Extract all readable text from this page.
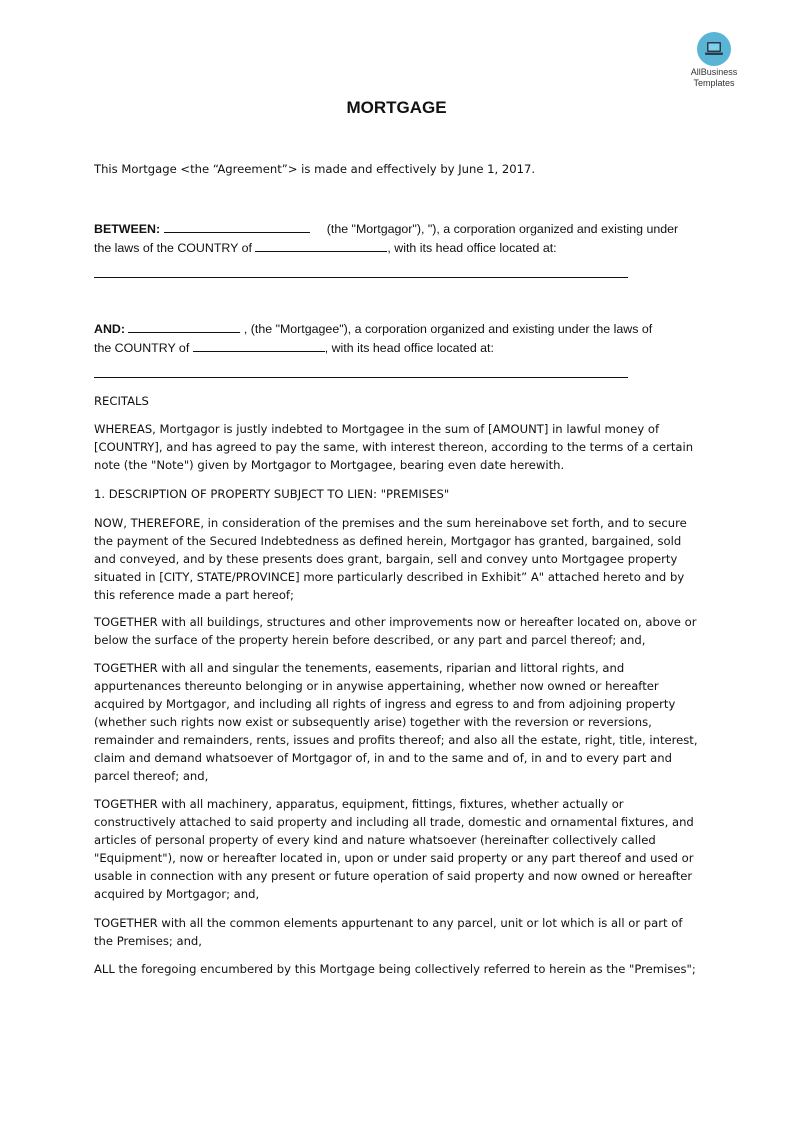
AllBusiness
Templates
MORTGAGE

This Mortgage <the “Agreement”> is made and effectively by June 1, 2017.

BETWEEN:	(the "Mortgagor"), "), a corporation organized and existing under
the laws of the COUNTRY of	, with its head office located at:
AND:	, (the "Mortgagee"), a corporation organized and existing under the laws of
the COUNTRY of	, with its head office located at:

RECITALS

WHEREAS, Mortgagor is justly indebted to Mortgagee in the sum of [AMOUNT] in lawful money of [COUNTRY], and has agreed to pay the same, with interest thereon, according to the terms of a certain note (the "Note") given by Mortgagor to Mortgagee, bearing even date herewith.

1. DESCRIPTION OF PROPERTY SUBJECT TO LIEN: "PREMISES"

NOW, THEREFORE, in consideration of the premises and the sum hereinabove set forth, and to secure the payment of the Secured Indebtedness as defined herein, Mortgagor has granted, bargained, sold and conveyed, and by these presents does grant, bargain, sell and convey unto Mortgagee property situated in [CITY, STATE/PROVINCE] more particularly described in Exhibit” A" attached hereto and by this reference made a part hereof;

TOGETHER with all buildings, structures and other improvements now or hereafter located on, above or below the surface of the property herein before described, or any part and parcel thereof; and,

TOGETHER with all and singular the tenements, easements, riparian and littoral rights, and appurtenances thereunto belonging or in anywise appertaining, whether now owned or hereafter acquired by Mortgagor, and including all rights of ingress and egress to and from adjoining property (whether such rights now exist or subsequently arise) together with the reversion or reversions, remainder and remainders, rents, issues and profits thereof; and also all the estate, right, title, interest, claim and demand whatsoever of Mortgagor of, in and to the same and of, in and to every part and parcel thereof; and,

TOGETHER with all machinery, apparatus, equipment, fittings, fixtures, whether actually or constructively attached to said property and including all trade, domestic and ornamental fixtures, and articles of personal property of every kind and nature whatsoever (hereinafter collectively called "Equipment"), now or hereafter located in, upon or under said property or any part thereof and used or usable in connection with any present or future operation of said property and now owned or hereafter acquired by Mortgagor; and,

TOGETHER with all the common elements appurtenant to any parcel, unit or lot which is all or part of the Premises; and,

ALL the foregoing encumbered by this Mortgage being collectively referred to herein as the "Premises";
